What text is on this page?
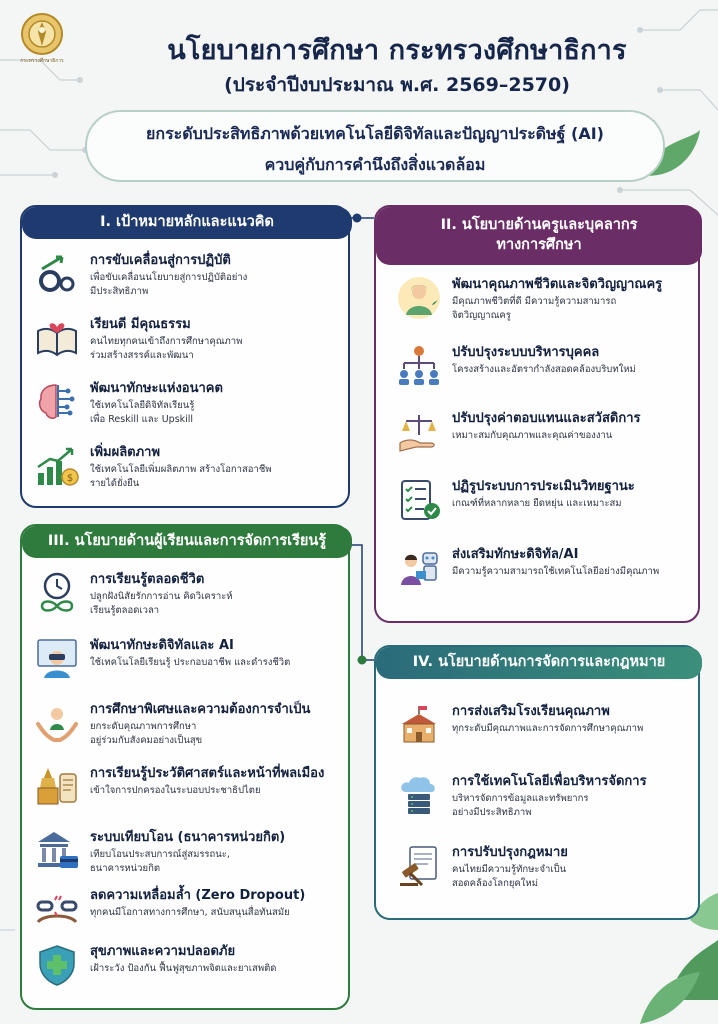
กระทรวงศึกษาธิการ	นโยบายการศึกษา กระทรวงศึกษาธิการ
(ประจำปีงบประมาณ พ.ศ. 2569–2570)
ยกระดับประสิทธิภาพด้วยเทคโนโลยีดิจิทัลและปัญญาประดิษฐ์ (AI)
ควบคู่กับการคำนึงถึงสิ่งแวดล้อม
I. เป้าหมายหลักและแนวคิด
การขับเคลื่อนสู่การปฏิบัติ
เพื่อขับเคลื่อนนโยบายสู่การปฏิบัติอย่าง
มีประสิทธิภาพ
เรียนดี มีคุณธรรม
คนไทยทุกคนเข้าถึงการศึกษาคุณภาพ
ร่วมสร้างสรรค์และพัฒนา
พัฒนาทักษะแห่งอนาคต
ใช้เทคโนโลยีดิจิทัลเรียนรู้
เพื่อ Reskill และ Upskill
$
เพิ่มผลิตภาพ
ใช้เทคโนโลยีเพิ่มผลิตภาพ สร้างโอกาสอาชีพ
รายได้ยั่งยืน
II. นโยบายด้านครูและบุคลากร
ทางการศึกษา
พัฒนาคุณภาพชีวิตและจิตวิญญาณครู
มีคุณภาพชีวิตที่ดี มีความรู้ความสามารถ
จิตวิญญาณครู
ปรับปรุงระบบบริหารบุคคล
โครงสร้างและอัตรากำลังสอดคล้องบริบทใหม่
ปรับปรุงค่าตอบแทนและสวัสดิการ
เหมาะสมกับคุณภาพและคุณค่าของงาน
ปฏิรูประบบการประเมินวิทยฐานะ
เกณฑ์ที่หลากหลาย ยืดหยุ่น และเหมาะสม
ส่งเสริมทักษะดิจิทัล/AI
มีความรู้ความสามารถใช้เทคโนโลยีอย่างมีคุณภาพ
III. นโยบายด้านผู้เรียนและการจัดการเรียนรู้
การเรียนรู้ตลอดชีวิต
ปลูกฝังนิสัยรักการอ่าน คิดวิเคราะห์
เรียนรู้ตลอดเวลา
พัฒนาทักษะดิจิทัลและ AI
ใช้เทคโนโลยีเรียนรู้ ประกอบอาชีพ และดำรงชีวิต
การศึกษาพิเศษและความต้องการจำเป็น
ยกระดับคุณภาพการศึกษา
อยู่ร่วมกับสังคมอย่างเป็นสุข
การเรียนรู้ประวัติศาสตร์และหน้าที่พลเมือง
เข้าใจการปกครองในระบอบประชาธิปไตย
ระบบเทียบโอน (ธนาคารหน่วยกิต)
เทียบโอนประสบการณ์สู่สมรรถนะ,
ธนาคารหน่วยกิต
ลดความเหลื่อมล้ำ (Zero Dropout)
ทุกคนมีโอกาสทางการศึกษา, สนับสนุนสื่อทันสมัย
สุขภาพและความปลอดภัย
เฝ้าระวัง ป้องกัน ฟื้นฟูสุขภาพจิตและยาเสพติด
IV. นโยบายด้านการจัดการและกฎหมาย
การส่งเสริมโรงเรียนคุณภาพ
ทุกระดับมีคุณภาพและการจัดการศึกษาคุณภาพ
การใช้เทคโนโลยีเพื่อบริหารจัดการ
บริหารจัดการข้อมูลและทรัพยากร
อย่างมีประสิทธิภาพ
การปรับปรุงกฎหมาย
คนไทยมีความรู้ทักษะจำเป็น
สอดคล้องโลกยุคใหม่
